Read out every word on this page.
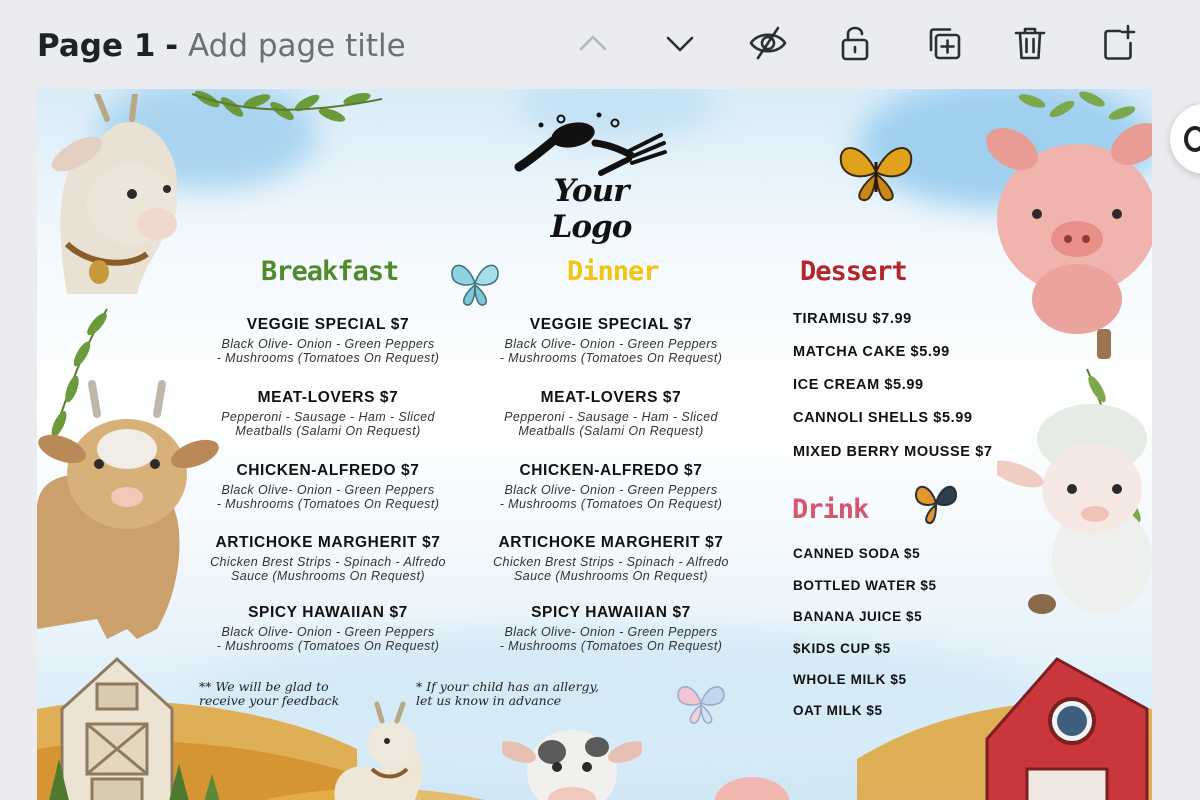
Page 1 - Add page title
Your Logo
Breakfast	Dinner	Dessert
Drink
VEGGIE SPECIAL $7
Black Olive- Onion - Green Peppers
- Mushrooms (Tomatoes On Request)
MEAT-LOVERS $7
Pepperoni - Sausage - Ham - Sliced
Meatballs (Salami On Request)
CHICKEN-ALFREDO $7
Black Olive- Onion - Green Peppers
- Mushrooms (Tomatoes On Request)
ARTICHOKE MARGHERIT $7
Chicken Brest Strips - Spinach - Alfredo
Sauce (Mushrooms On Request)
SPICY HAWAIIAN $7
Black Olive- Onion - Green Peppers
- Mushrooms (Tomatoes On Request)
VEGGIE SPECIAL $7
Black Olive- Onion - Green Peppers
- Mushrooms (Tomatoes On Request)
MEAT-LOVERS $7
Pepperoni - Sausage - Ham - Sliced
Meatballs (Salami On Request)
CHICKEN-ALFREDO $7
Black Olive- Onion - Green Peppers
- Mushrooms (Tomatoes On Request)
ARTICHOKE MARGHERIT $7
Chicken Brest Strips - Spinach - Alfredo
Sauce (Mushrooms On Request)
SPICY HAWAIIAN $7
Black Olive- Onion - Green Peppers
- Mushrooms (Tomatoes On Request)
TIRAMISU $7.99
MATCHA CAKE $5.99
ICE CREAM $5.99
CANNOLI SHELLS $5.99
MIXED BERRY MOUSSE $7
CANNED SODA $5
BOTTLED WATER $5
BANANA JUICE $5
$KIDS CUP $5
WHOLE MILK $5
OAT MILK $5
** We will be glad to
receive your feedback
* If your child has an allergy,
let us know in advance
